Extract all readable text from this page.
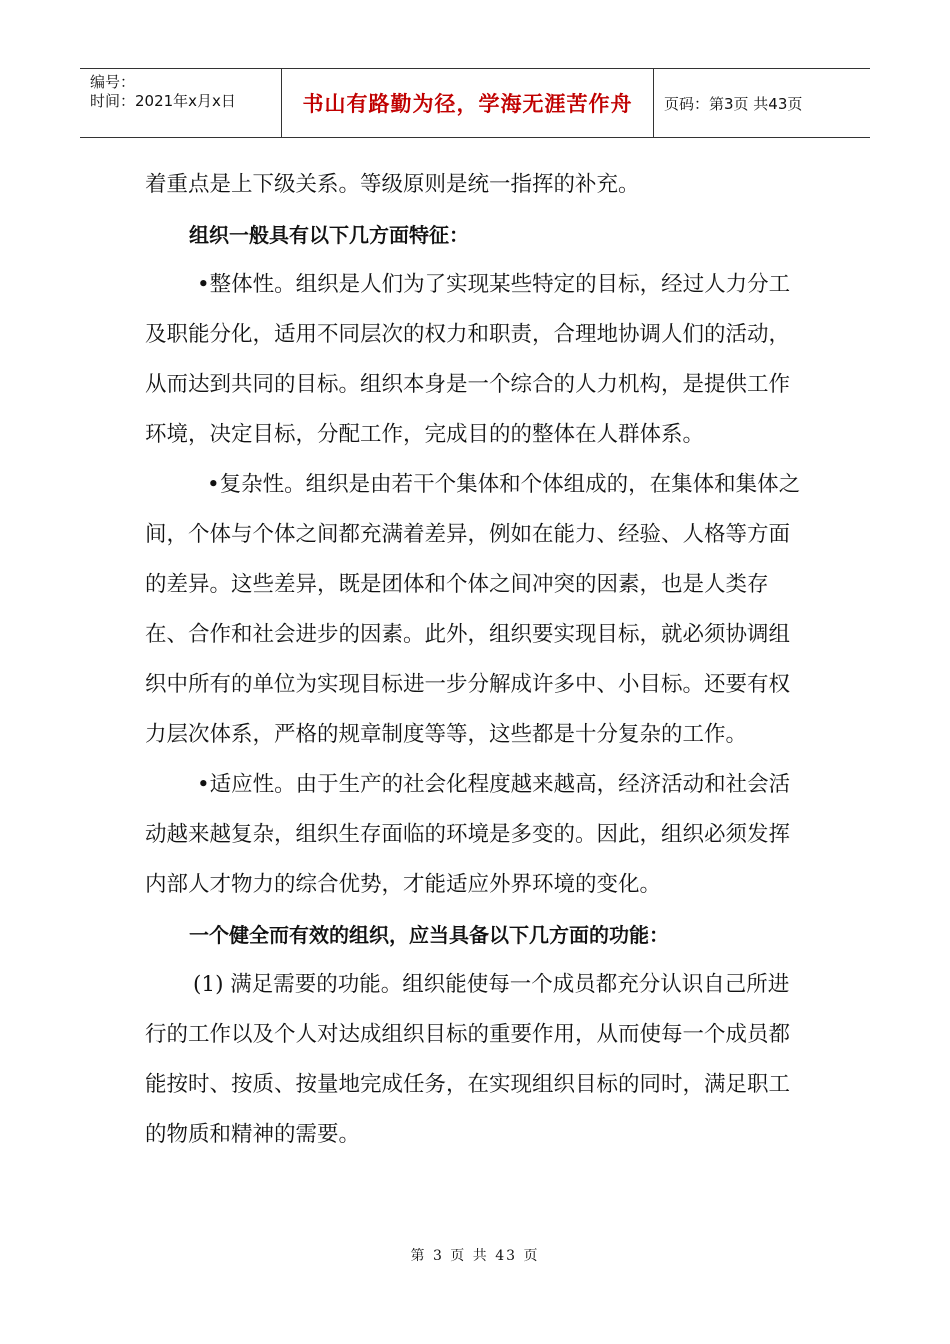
编号：
时间：2021年x月x日	书山有路勤为径，学海无涯苦作舟	页码：第3页 共43页

着重点是上下级关系。等级原则是统一指挥的补充。

组织一般具有以下几方面特征：

•整体性。组织是人们为了实现某些特定的目标，经过人力分工及职能分化，适用不同层次的权力和职责，合理地协调人们的活动，从而达到共同的目标。组织本身是一个综合的人力机构，是提供工作环境，决定目标，分配工作，完成目的的整体在人群体系。

•复杂性。组织是由若干个集体和个体组成的，在集体和集体之间，个体与个体之间都充满着差异，例如在能力、经验、人格等方面的差异。这些差异，既是团体和个体之间冲突的因素，也是人类存在、合作和社会进步的因素。此外，组织要实现目标，就必须协调组织中所有的单位为实现目标进一步分解成许多中、小目标。还要有权力层次体系，严格的规章制度等等，这些都是十分复杂的工作。

•适应性。由于生产的社会化程度越来越高，经济活动和社会活动越来越复杂，组织生存面临的环境是多变的。因此，组织必须发挥内部人才物力的综合优势，才能适应外界环境的变化。

一个健全而有效的组织，应当具备以下几方面的功能：

(1) 满足需要的功能。组织能使每一个成员都充分认识自己所进行的工作以及个人对达成组织目标的重要作用，从而使每一个成员都能按时、按质、按量地完成任务，在实现组织目标的同时，满足职工的物质和精神的需要。

第 3 页 共 43 页
